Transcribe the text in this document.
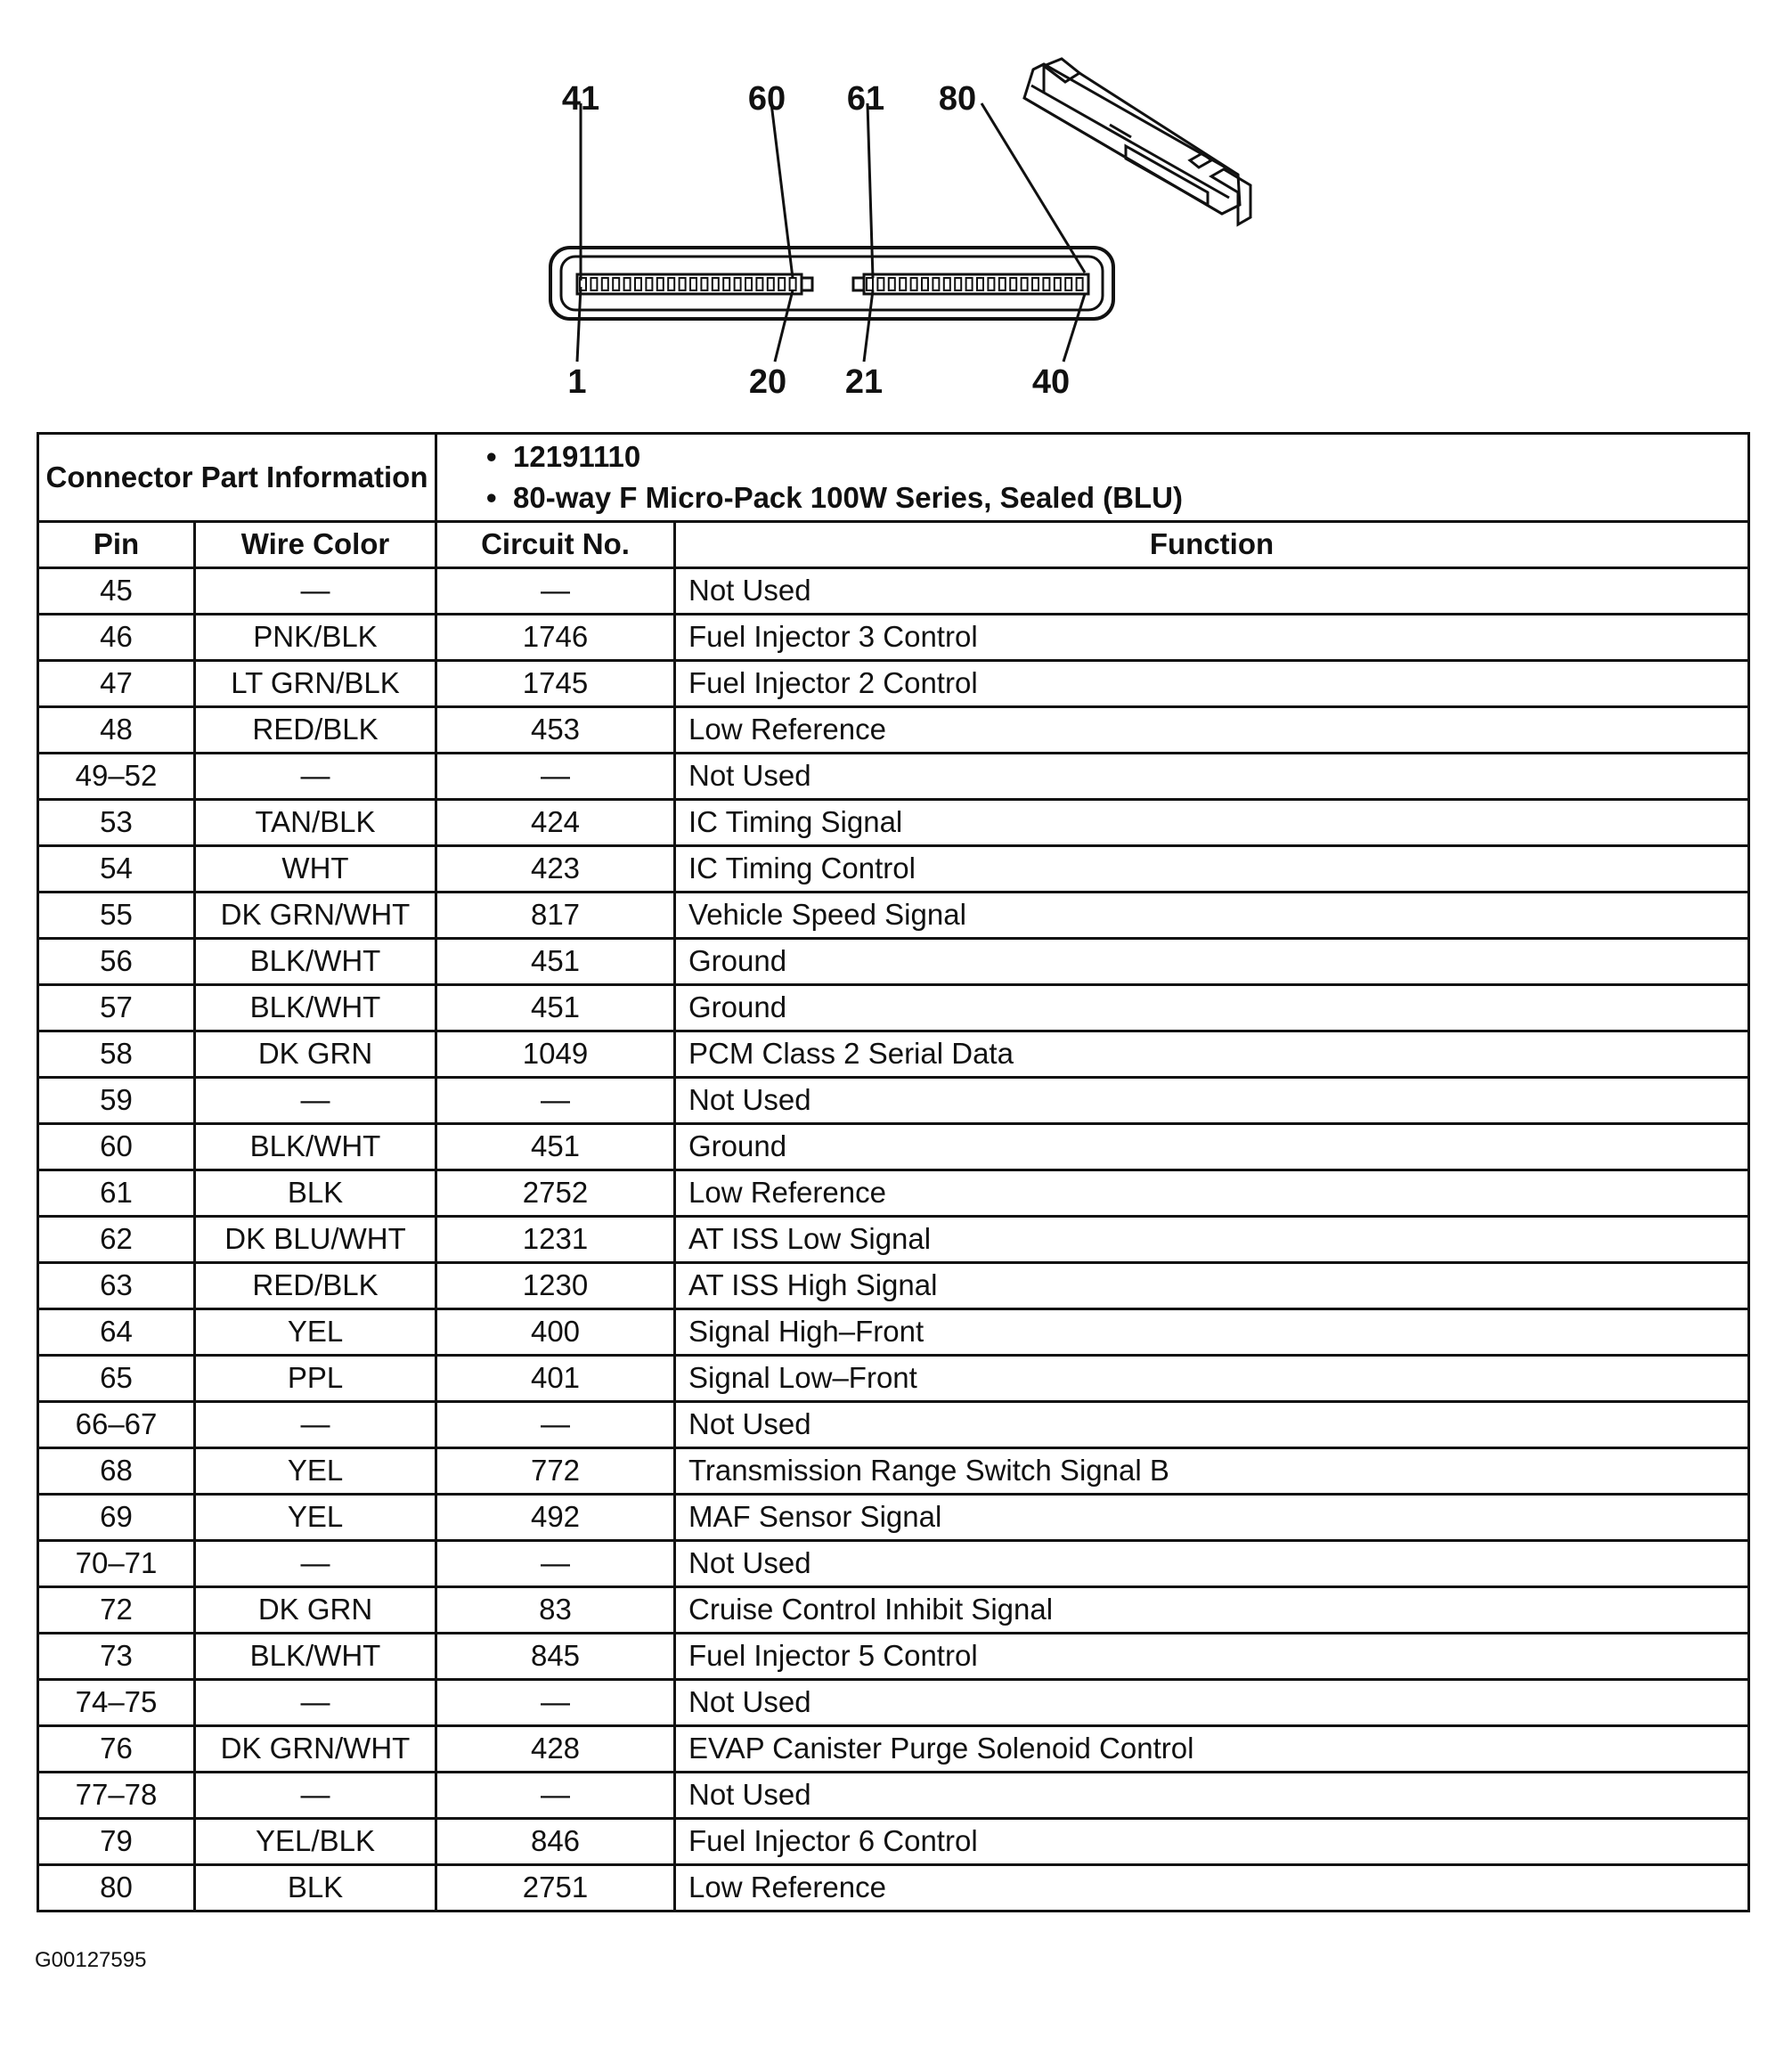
41	60 61 80
1	20 21	40
Connector Part Information		• 12191110
• 80-way F Micro-Pack 100W Series, Sealed (BLU)	

Pin	Wire Color	Circuit No.	Function
45	—	—	Not Used
46	PNK/BLK	1746	Fuel Injector 3 Control
47	LT GRN/BLK	1745	Fuel Injector 2 Control
48	RED/BLK	453	Low Reference
49–52	—	—	Not Used
53	TAN/BLK	424	IC Timing Signal
54	WHT	423	IC Timing Control
55	DK GRN/WHT	817	Vehicle Speed Signal
56	BLK/WHT	451	Ground
57	BLK/WHT	451	Ground
58	DK GRN	1049	PCM Class 2 Serial Data
59	—	—	Not Used
60	BLK/WHT	451	Ground
61	BLK	2752	Low Reference
62	DK BLU/WHT	1231	AT ISS Low Signal
63	RED/BLK	1230	AT ISS High Signal
64	YEL	400	Signal High–Front
65	PPL	401	Signal Low–Front
66–67	—	—	Not Used
68	YEL	772	Transmission Range Switch Signal B
69	YEL	492	MAF Sensor Signal
70–71	—	—	Not Used
72	DK GRN	83	Cruise Control Inhibit Signal
73	BLK/WHT	845	Fuel Injector 5 Control
74–75	—	—	Not Used
76	DK GRN/WHT	428	EVAP Canister Purge Solenoid Control
77–78	—	—	Not Used
79	YEL/BLK	846	Fuel Injector 6 Control
80	BLK	2751	Low Reference
G00127595
